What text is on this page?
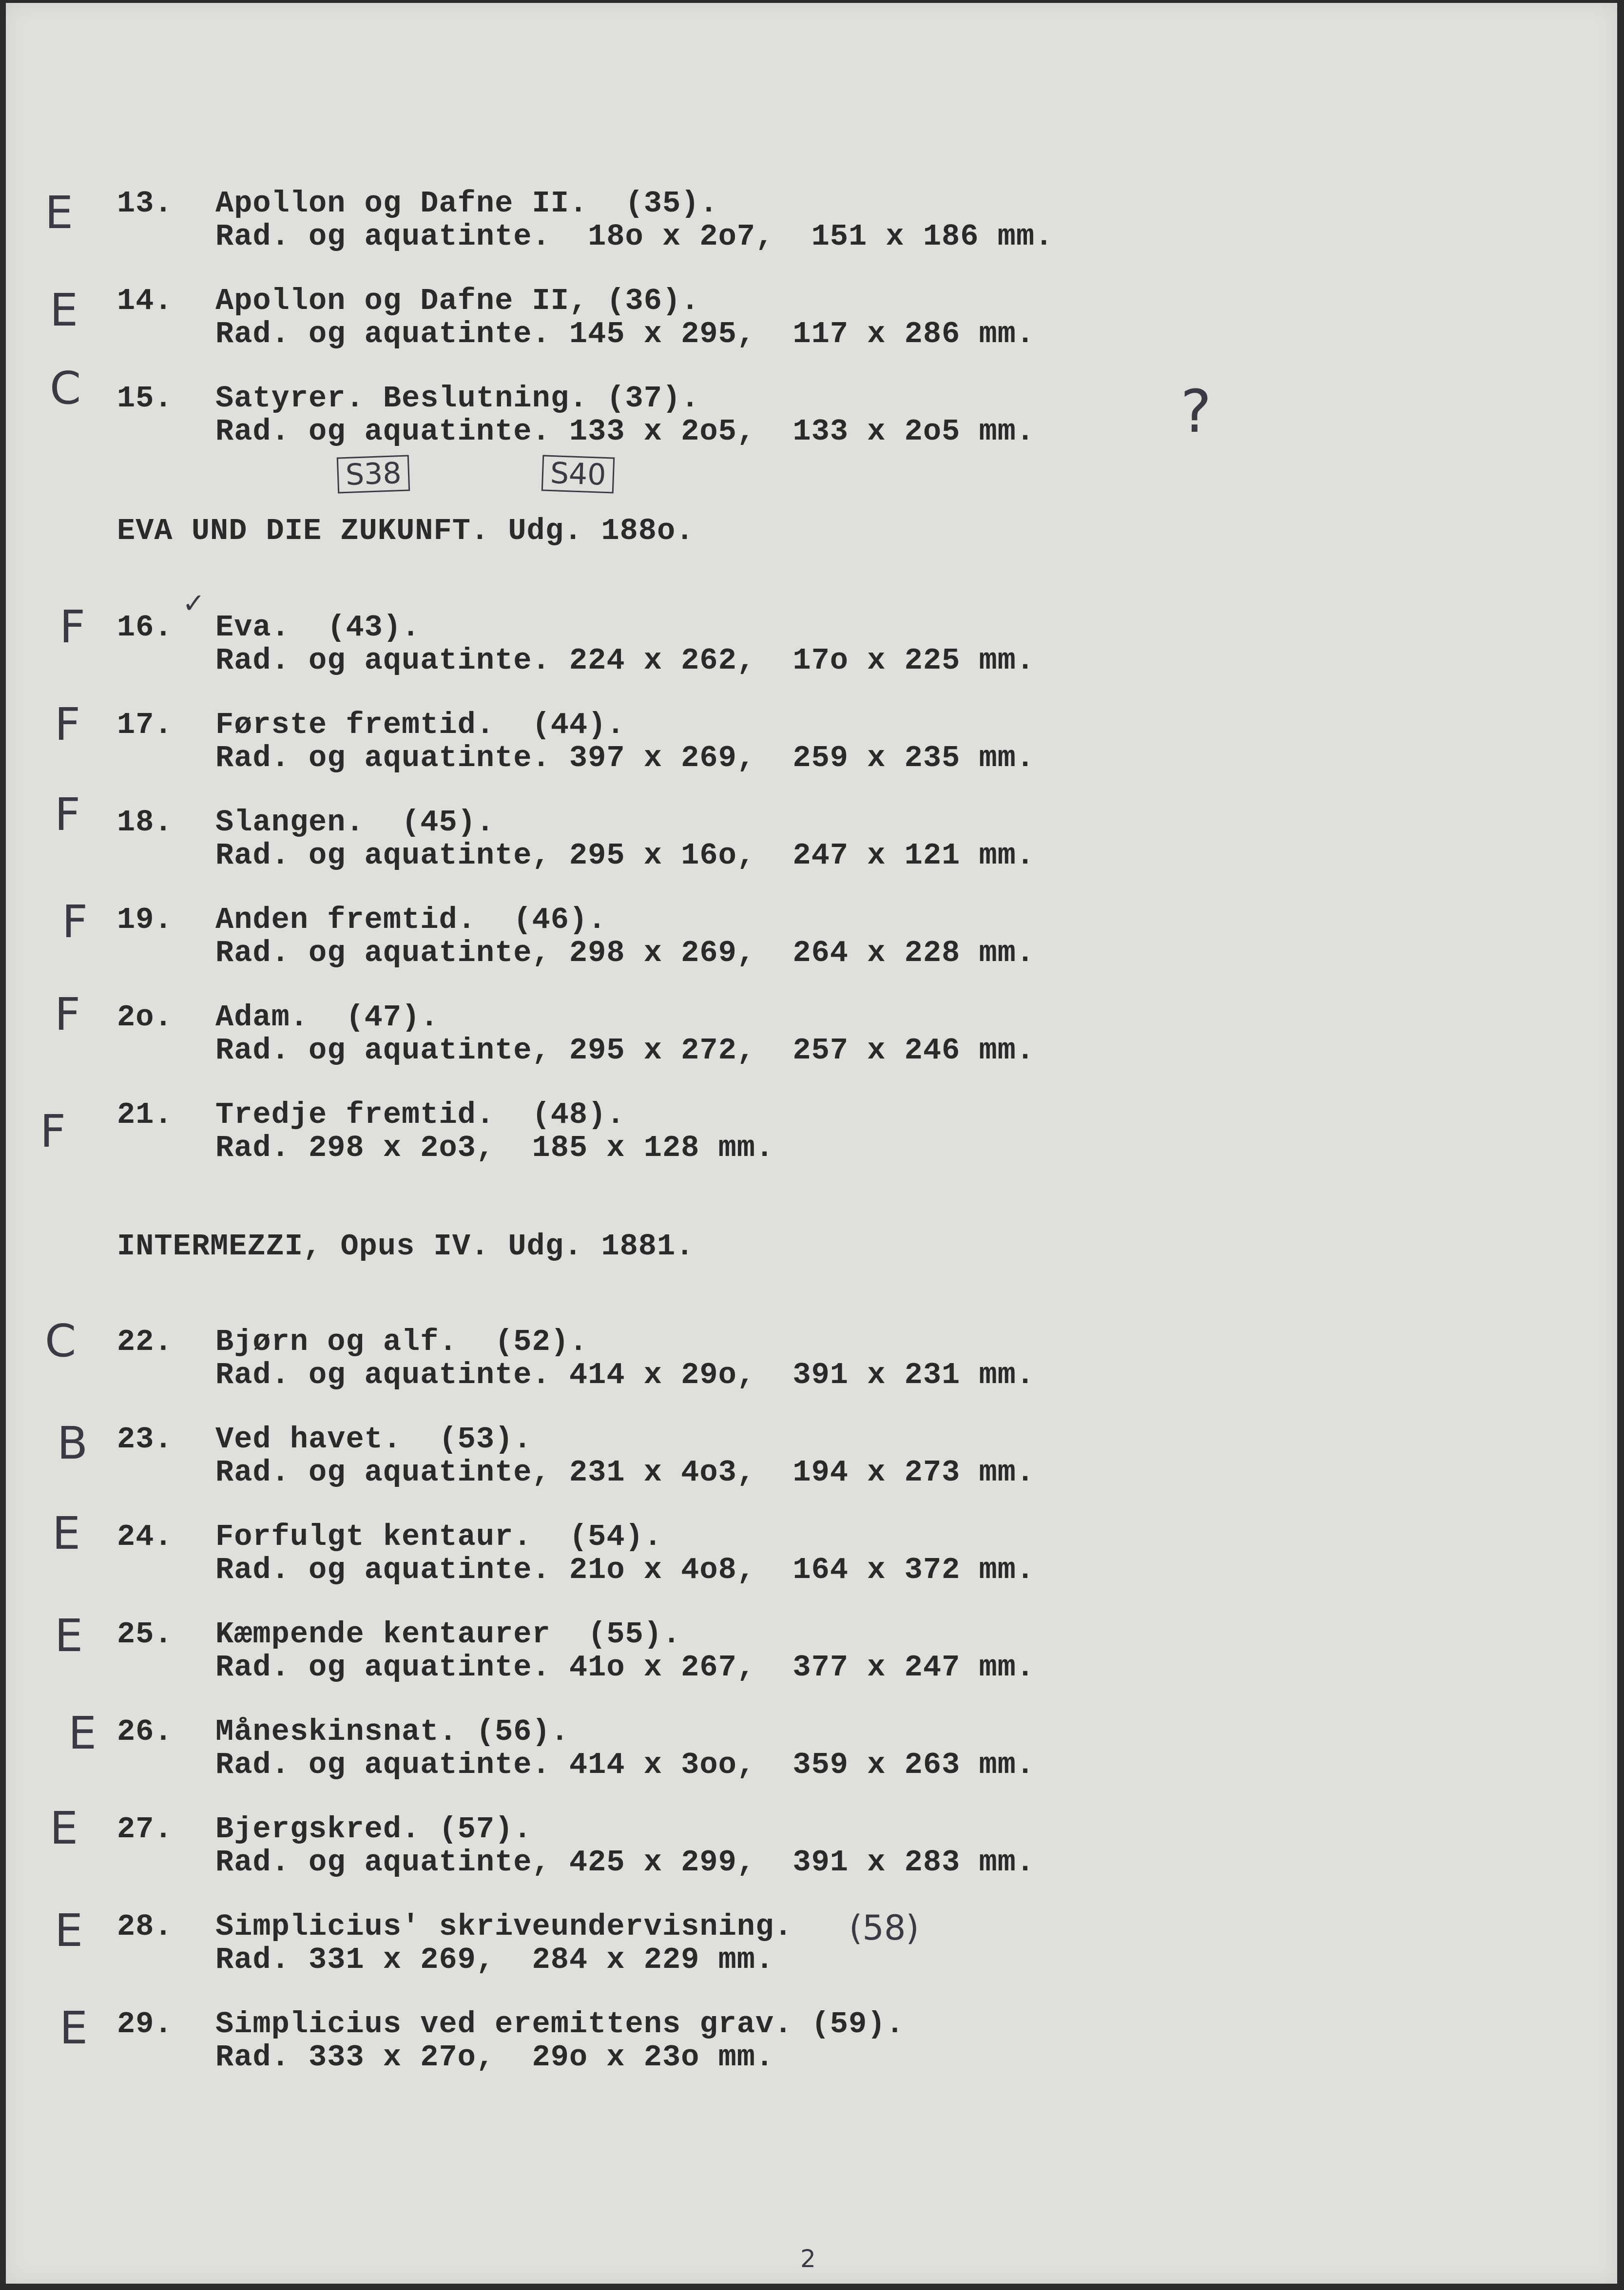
E 13. Apollon og Dafne II.  (35).
Rad. og aquatinte.  18o x 2o7,  151 x 186 mm.
E 14. Apollon og Dafne II, (36).
Rad. og aquatinte. 145 x 295,  117 x 286 mm.
C 15. Satyrer. Beslutning. (37).
Rad. og aquatinte. 133 x 2o5,  133 x 2o5 mm. ?
S38	S40
EVA UND DIE ZUKUNFT. Udg. 188o.
F 16.
✓
Eva.  (43).
Rad. og aquatinte. 224 x 262,  17o x 225 mm.
F 17. Første fremtid.  (44).
Rad. og aquatinte. 397 x 269,  259 x 235 mm.
F 18. Slangen.  (45).
Rad. og aquatinte, 295 x 16o,  247 x 121 mm.
F 19. Anden fremtid.  (46).
Rad. og aquatinte, 298 x 269,  264 x 228 mm.
F 2o. Adam.  (47).
Rad. og aquatinte, 295 x 272,  257 x 246 mm.
F 21. Tredje fremtid.  (48).
Rad. 298 x 2o3,  185 x 128 mm.
INTERMEZZI, Opus IV. Udg. 1881.
C 22. Bjørn og alf.  (52).
Rad. og aquatinte. 414 x 29o,  391 x 231 mm.
B 23. Ved havet.  (53).
Rad. og aquatinte, 231 x 4o3,  194 x 273 mm.
E 24. Forfulgt kentaur.  (54).
Rad. og aquatinte. 21o x 4o8,  164 x 372 mm.
E 25. Kæmpende kentaurer  (55).
Rad. og aquatinte. 41o x 267,  377 x 247 mm.
E 26. Måneskinsnat. (56).
Rad. og aquatinte. 414 x 3oo,  359 x 263 mm.
E 27. Bjergskred. (57).
Rad. og aquatinte, 425 x 299,  391 x 283 mm.
E 28. Simplicius' skriveundervisning. (58)
Rad. 331 x 269,  284 x 229 mm.
E 29. Simplicius ved eremittens grav. (59).
Rad. 333 x 27o,  29o x 23o mm.
2
